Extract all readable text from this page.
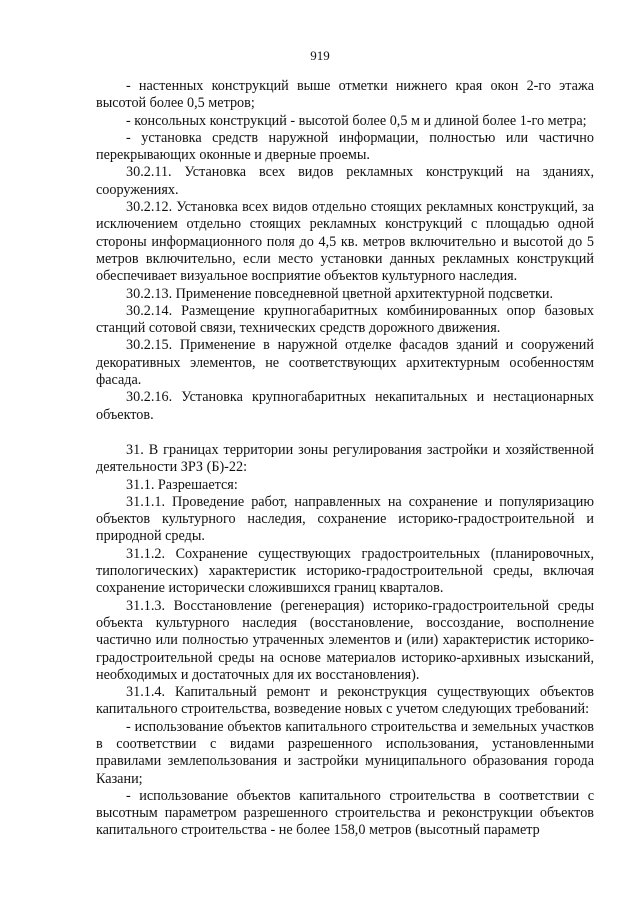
919

- настенных конструкций выше отметки нижнего края окон 2-го этажа высотой более 0,5 метров;

- консольных конструкций - высотой более 0,5 м и длиной более 1-го метра;

- установка средств наружной информации, полностью или частично перекрывающих оконные и дверные проемы.

30.2.11. Установка всех видов рекламных конструкций на зданиях, сооружениях.

30.2.12. Установка всех видов отдельно стоящих рекламных конструкций, за исключением отдельно стоящих рекламных конструкций с площадью одной стороны информационного поля до 4,5 кв. метров включительно и высотой до 5 метров включительно, если место установки данных рекламных конструкций обеспечивает визуальное восприятие объектов культурного наследия.

30.2.13. Применение повседневной цветной архитектурной подсветки.

30.2.14. Размещение крупногабаритных комбинированных опор базовых станций сотовой связи, технических средств дорожного движения.

30.2.15. Применение в наружной отделке фасадов зданий и сооружений декоративных элементов, не соответствующих архитектурным особенностям фасада.

30.2.16. Установка крупногабаритных некапитальных и нестационарных объектов.

31. В границах территории зоны регулирования застройки и хозяйственной деятельности ЗРЗ (Б)-22:

31.1. Разрешается:

31.1.1. Проведение работ, направленных на сохранение и популяризацию объектов культурного наследия, сохранение историко-градостроительной и природной среды.

31.1.2. Сохранение существующих градостроительных (планировочных, типологических) характеристик историко-градостроительной среды, включая сохранение исторически сложившихся границ кварталов.

31.1.3. Восстановление (регенерация) историко-градостроительной среды объекта культурного наследия (восстановление, воссоздание, восполнение частично или полностью утраченных элементов и (или) характеристик историко-градостроительной среды на основе материалов историко-архивных изысканий, необходимых и достаточных для их восстановления).

31.1.4. Капитальный ремонт и реконструкция существующих объектов капитального строительства, возведение новых с учетом следующих требований:

- использование объектов капитального строительства и земельных участков в соответствии с видами разрешенного использования, установленными правилами землепользования и застройки муниципального образования города Казани;

- использование объектов капитального строительства в соответствии с высотным параметром разрешенного строительства и реконструкции объектов капитального строительства - не более 158,0 метров (высотный параметр
